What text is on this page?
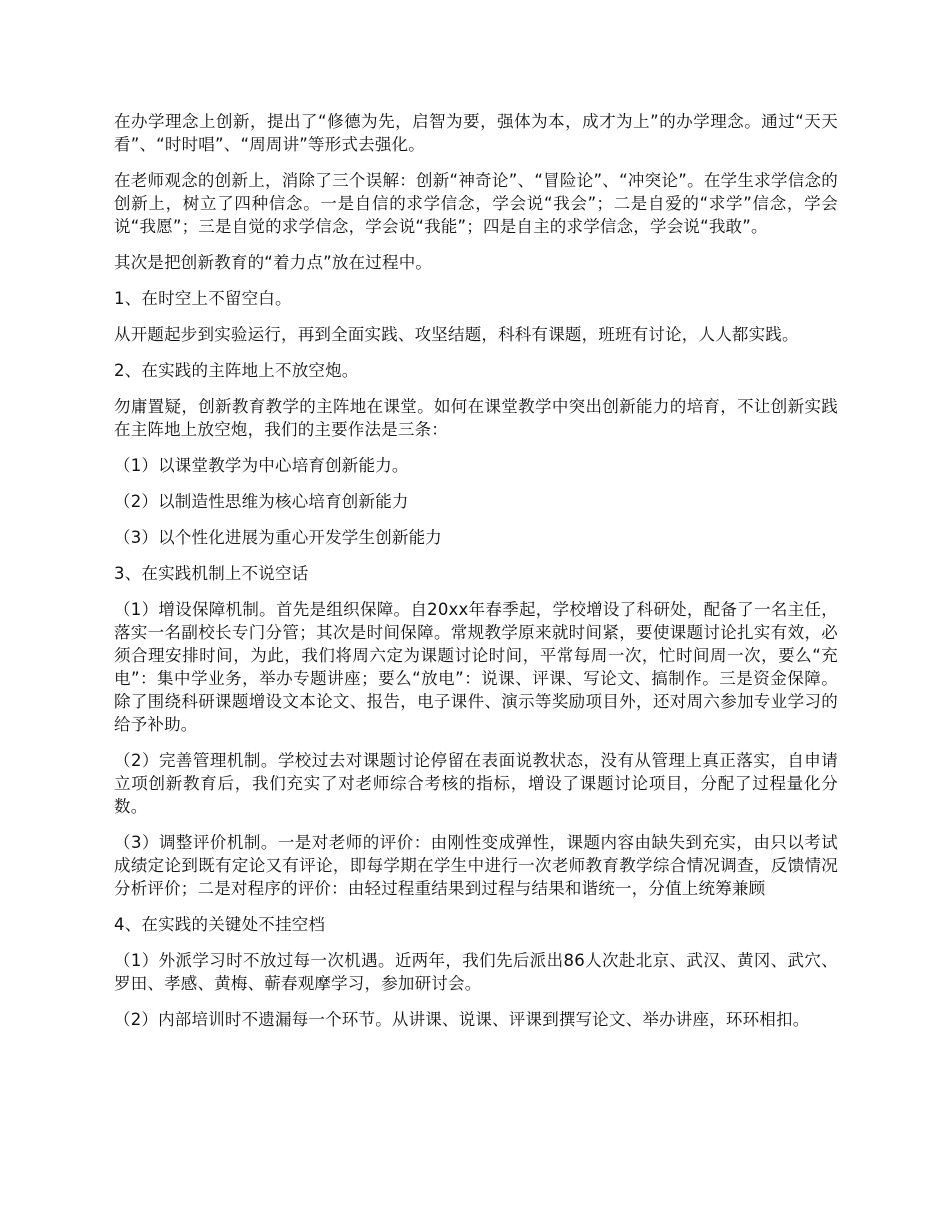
在办学理念上创新，提出了“修德为先，启智为要，强体为本，成才为上”的办学理念。通过“天天看”、“时时唱”、“周周讲”等形式去强化。

在老师观念的创新上，消除了三个误解：创新“神奇论”、“冒险论”、“冲突论”。在学生求学信念的创新上，树立了四种信念。一是自信的求学信念，学会说“我会”；二是自爱的“求学”信念，学会说“我愿”；三是自觉的求学信念，学会说“我能”；四是自主的求学信念，学会说“我敢”。

其次是把创新教育的“着力点”放在过程中。

1、在时空上不留空白。

从开题起步到实验运行，再到全面实践、攻坚结题，科科有课题，班班有讨论，人人都实践。

2、在实践的主阵地上不放空炮。

勿庸置疑，创新教育教学的主阵地在课堂。如何在课堂教学中突出创新能力的培育，不让创新实践在主阵地上放空炮，我们的主要作法是三条：

（1）以课堂教学为中心培育创新能力。

（2）以制造性思维为核心培育创新能力

（3）以个性化进展为重心开发学生创新能力

3、在实践机制上不说空话

（1）增设保障机制。首先是组织保障。自20xx年春季起，学校增设了科研处，配备了一名主任，落实一名副校长专门分管；其次是时间保障。常规教学原来就时间紧，要使课题讨论扎实有效，必须合理安排时间，为此，我们将周六定为课题讨论时间，平常每周一次，忙时间周一次，要么“充电”：集中学业务，举办专题讲座；要么“放电”：说课、评课、写论文、搞制作。三是资金保障。除了围绕科研课题增设文本论文、报告，电子课件、演示等奖励项目外，还对周六参加专业学习的给予补助。

（2）完善管理机制。学校过去对课题讨论停留在表面说教状态，没有从管理上真正落实，自申请立项创新教育后，我们充实了对老师综合考核的指标，增设了课题讨论项目，分配了过程量化分数。

（3）调整评价机制。一是对老师的评价：由刚性变成弹性，课题内容由缺失到充实，由只以考试成绩定论到既有定论又有评论，即每学期在学生中进行一次老师教育教学综合情况调查，反馈情况分析评价；二是对程序的评价：由轻过程重结果到过程与结果和谐统一，分值上统筹兼顾

4、在实践的关键处不挂空档

（1）外派学习时不放过每一次机遇。近两年，我们先后派出86人次赴北京、武汉、黄冈、武穴、罗田、孝感、黄梅、蕲春观摩学习，参加研讨会。

（2）内部培训时不遗漏每一个环节。从讲课、说课、评课到撰写论文、举办讲座，环环相扣。
